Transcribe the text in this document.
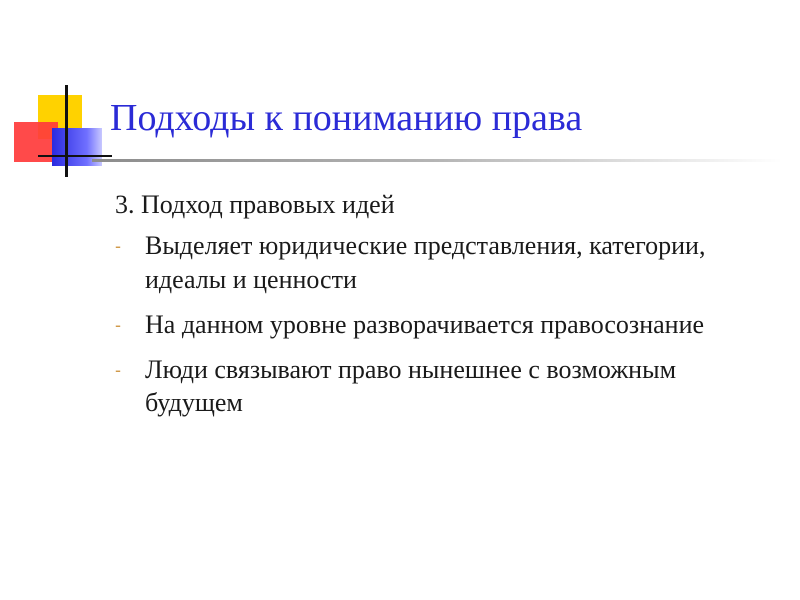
Подходы к пониманию права
3. Подход правовых идей
- Выделяет юридические представления, категории, идеалы и ценности
- На данном уровне разворачивается правосознание
- Люди связывают право нынешнее с возможным будущем
